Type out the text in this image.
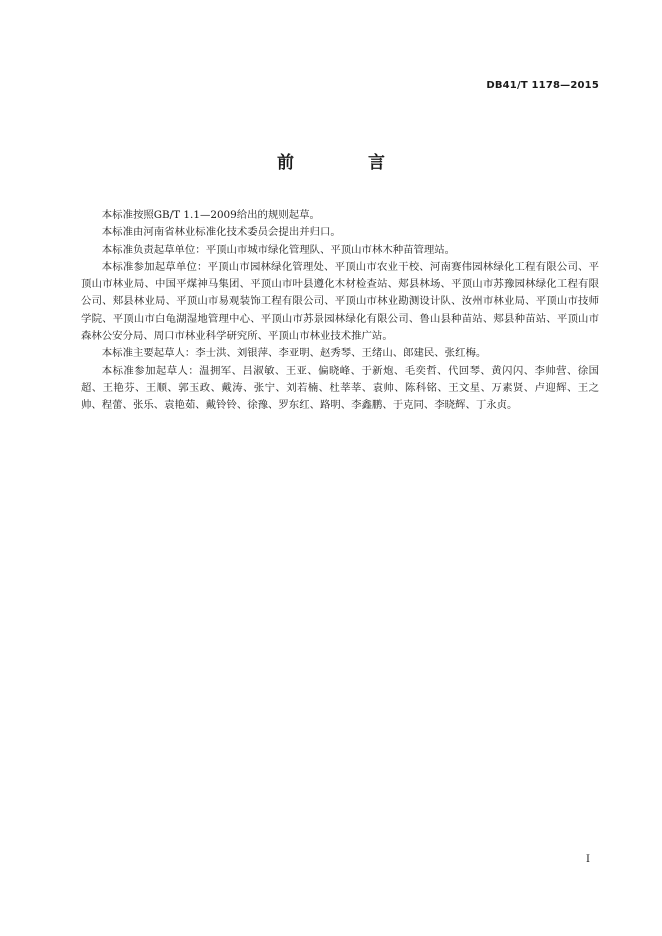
DB41/T 1178—2015
前 言

本标准按照GB/T 1.1—2009给出的规则起草。

本标准由河南省林业标准化技术委员会提出并归口。

本标准负责起草单位：平顶山市城市绿化管理队、平顶山市林木种苗管理站。

本标准参加起草单位：平顶山市园林绿化管理处、平顶山市农业干校、河南赛伟园林绿化工程有限公司、平顶山市林业局、中国平煤神马集团、平顶山市叶县遵化木材检查站、郏县林场、平顶山市苏豫园林绿化工程有限公司、郏县林业局、平顶山市易观装饰工程有限公司、平顶山市林业勘测设计队、汝州市林业局、平顶山市技师学院、平顶山市白龟湖湿地管理中心、平顶山市苏景园林绿化有限公司、鲁山县种苗站、郏县种苗站、平顶山市森林公安分局、周口市林业科学研究所、平顶山市林业技术推广站。

本标准主要起草人：李士洪、刘银萍、李亚明、赵秀琴、王绪山、郎建民、张红梅。

本标准参加起草人：温拥军、吕淑敏、王亚、偏晓峰、于新炮、毛奕哲、代回琴、黄闪闪、李帅营、徐国超、王艳芬、王顺、郭玉政、戴涛、张宁、刘若楠、杜莘莘、袁帅、陈科铭、王文星、万素贤、卢迎辉、王之帅、程蕾、张乐、袁艳茹、戴铃铃、徐豫、罗东红、路明、李鑫鹏、于克同、李晓辉、丁永贞。

I
